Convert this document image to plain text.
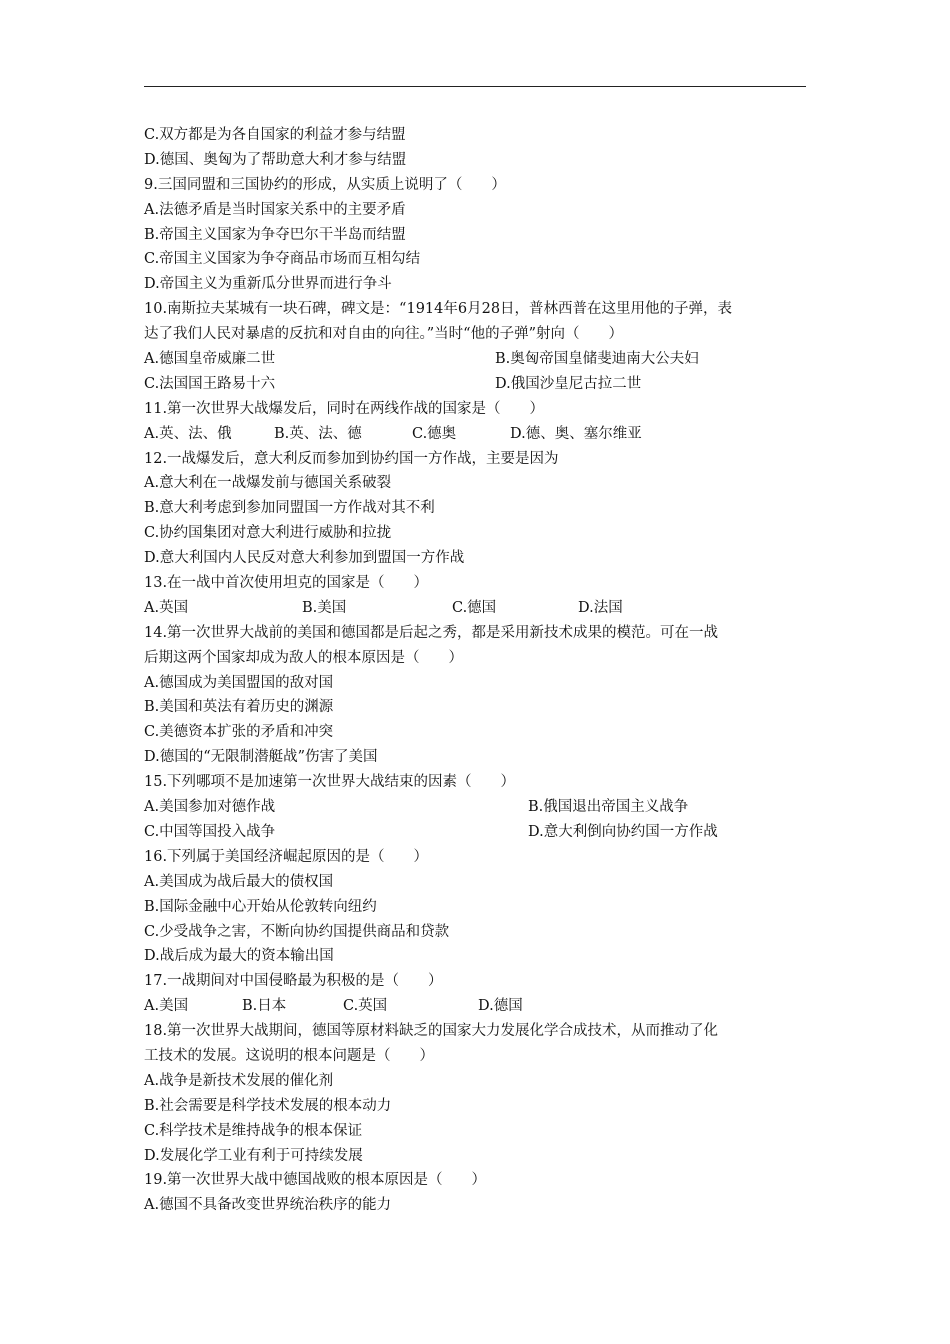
C.双方都是为各自国家的利益才参与结盟
D.德国、奥匈为了帮助意大利才参与结盟
9.三国同盟和三国协约的形成，从实质上说明了（　　）
A.法德矛盾是当时国家关系中的主要矛盾
B.帝国主义国家为争夺巴尔干半岛而结盟
C.帝国主义国家为争夺商品市场而互相勾结
D.帝国主义为重新瓜分世界而进行争斗
10.南斯拉夫某城有一块石碑，碑文是：“1914年6月28日，普林西普在这里用他的子弹，表
达了我们人民对暴虐的反抗和对自由的向往。”当时“他的子弹”射向（　　）
A.德国皇帝威廉二世	B.奥匈帝国皇储斐迪南大公夫妇
C.法国国王路易十六	D.俄国沙皇尼古拉二世
11.第一次世界大战爆发后，同时在两线作战的国家是（　　）
A.英、法、俄	B.英、法、德	C.德奥	D.德、奥、塞尔维亚
12.一战爆发后，意大利反而参加到协约国一方作战，主要是因为
A.意大利在一战爆发前与德国关系破裂
B.意大利考虑到参加同盟国一方作战对其不利
C.协约国集团对意大利进行威胁和拉拢
D.意大利国内人民反对意大利参加到盟国一方作战
13.在一战中首次使用坦克的国家是（　　）
A.英国	B.美国	C.德国	D.法国
14.第一次世界大战前的美国和德国都是后起之秀，都是采用新技术成果的模范。可在一战
后期这两个国家却成为敌人的根本原因是（　　）
A.德国成为美国盟国的敌对国
B.美国和英法有着历史的渊源
C.美德资本扩张的矛盾和冲突
D.德国的“无限制潜艇战”伤害了美国
15.下列哪项不是加速第一次世界大战结束的因素（　　）
A.美国参加对德作战	B.俄国退出帝国主义战争
C.中国等国投入战争	D.意大利倒向协约国一方作战
16.下列属于美国经济崛起原因的是（　　）
A.美国成为战后最大的债权国
B.国际金融中心开始从伦敦转向纽约
C.少受战争之害，不断向协约国提供商品和贷款
D.战后成为最大的资本输出国
17.一战期间对中国侵略最为积极的是（　　）
A.美国	B.日本	C.英国	D.德国
18.第一次世界大战期间，德国等原材料缺乏的国家大力发展化学合成技术，从而推动了化
工技术的发展。这说明的根本问题是（　　）
A.战争是新技术发展的催化剂
B.社会需要是科学技术发展的根本动力
C.科学技术是维持战争的根本保证
D.发展化学工业有利于可持续发展
19.第一次世界大战中德国战败的根本原因是（　　）
A.德国不具备改变世界统治秩序的能力
